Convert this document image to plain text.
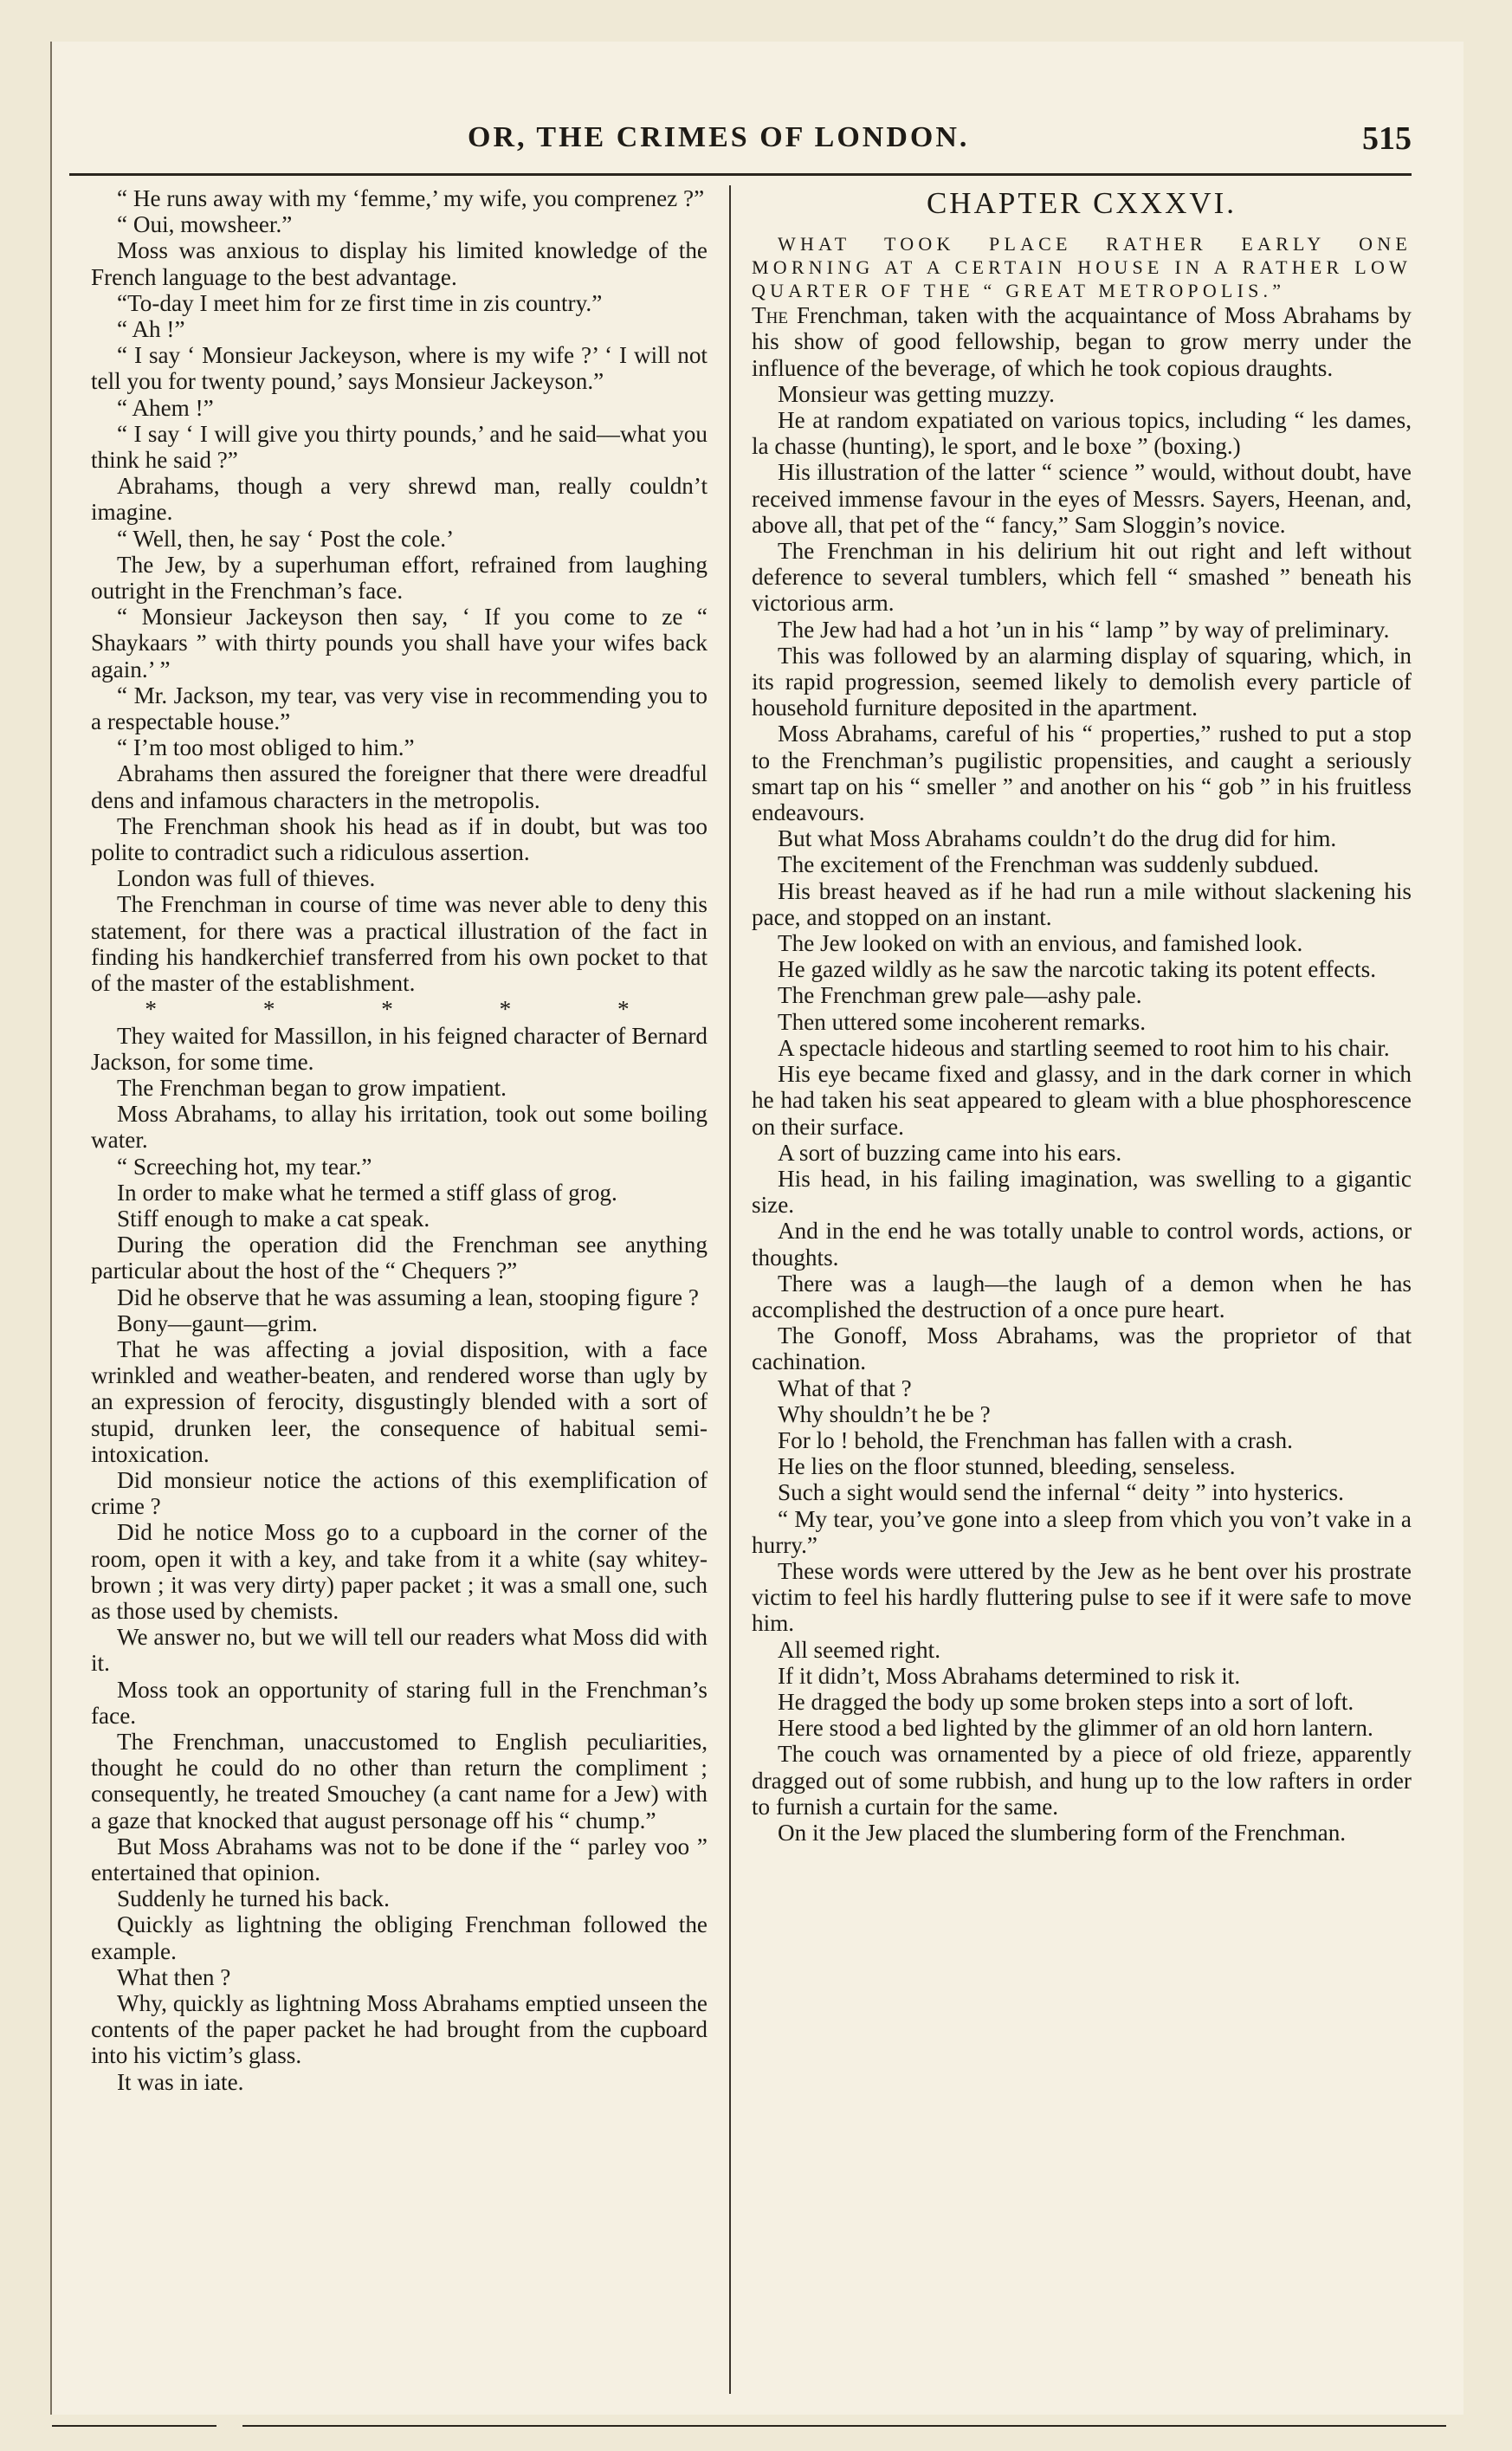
OR, THE CRIMES OF LONDON.	515

“ He runs away with my ‘femme,’ my wife, you comprenez ?”

“ Oui, mowsheer.”

Moss was anxious to display his limited knowledge of the French language to the best advantage.

“To-day I meet him for ze first time in zis country.”

“ Ah !”

“ I say ‘ Monsieur Jackeyson, where is my wife ?’ ‘ I will not tell you for twenty pound,’ says Monsieur Jackeyson.”

“ Ahem !”

“ I say ‘ I will give you thirty pounds,’ and he said—what you think he said ?”

Abrahams, though a very shrewd man, really couldn’t imagine.

“ Well, then, he say ‘ Post the cole.’

The Jew, by a superhuman effort, refrained from laughing outright in the Frenchman’s face.

“ Monsieur Jackeyson then say, ‘ If you come to ze “ Shaykaars ” with thirty pounds you shall have your wifes back again.’ ”

“ Mr. Jackson, my tear, vas very vise in recommending you to a respectable house.”

“ I’m too most obliged to him.”

Abrahams then assured the foreigner that there were dreadful dens and infamous characters in the metropolis.

The Frenchman shook his head as if in doubt, but was too polite to contradict such a ridiculous assertion.

London was full of thieves.

The Frenchman in course of time was never able to deny this statement, for there was a practical illustration of the fact in finding his handkerchief transferred from his own pocket to that of the master of the establishment.

* * * * *

They waited for Massillon, in his feigned character of Bernard Jackson, for some time.

The Frenchman began to grow impatient.

Moss Abrahams, to allay his irritation, took out some boiling water.

“ Screeching hot, my tear.”

In order to make what he termed a stiff glass of grog.

Stiff enough to make a cat speak.

During the operation did the Frenchman see anything particular about the host of the “ Chequers ?”

Did he observe that he was assuming a lean, stooping figure ?

Bony—gaunt—grim.

That he was affecting a jovial disposition, with a face wrinkled and weather-beaten, and rendered worse than ugly by an expression of ferocity, disgustingly blended with a sort of stupid, drunken leer, the consequence of habitual semi-intoxication.

Did monsieur notice the actions of this exemplification of crime ?

Did he notice Moss go to a cupboard in the corner of the room, open it with a key, and take from it a white (say whitey-brown ; it was very dirty) paper packet ; it was a small one, such as those used by chemists.

We answer no, but we will tell our readers what Moss did with it.

Moss took an opportunity of staring full in the Frenchman’s face.

The Frenchman, unaccustomed to English peculiarities, thought he could do no other than return the compliment ; consequently, he treated Smouchey (a cant name for a Jew) with a gaze that knocked that august personage off his “ chump.”

But Moss Abrahams was not to be done if the “ parley voo ” entertained that opinion.

Suddenly he turned his back.

Quickly as lightning the obliging Frenchman followed the example.

What then ?

Why, quickly as lightning Moss Abrahams emptied unseen the contents of the paper packet he had brought from the cupboard into his victim’s glass.

It was in iate.

CHAPTER CXXXVI.

WHAT TOOK PLACE RATHER EARLY ONE MORNING AT A CERTAIN HOUSE IN A RATHER LOW QUARTER OF THE “ GREAT METROPOLIS.”

The Frenchman, taken with the acquaintance of Moss Abrahams by his show of good fellowship, began to grow merry under the influence of the beverage, of which he took copious draughts.

Monsieur was getting muzzy.

He at random expatiated on various topics, including “ les dames, la chasse (hunting), le sport, and le boxe ” (boxing.)

His illustration of the latter “ science ” would, without doubt, have received immense favour in the eyes of Messrs. Sayers, Heenan, and, above all, that pet of the “ fancy,” Sam Sloggin’s novice.

The Frenchman in his delirium hit out right and left without deference to several tumblers, which fell “ smashed ” beneath his victorious arm.

The Jew had had a hot ’un in his “ lamp ” by way of preliminary.

This was followed by an alarming display of squaring, which, in its rapid progression, seemed likely to demolish every particle of household furniture deposited in the apartment.

Moss Abrahams, careful of his “ properties,” rushed to put a stop to the Frenchman’s pugilistic propensities, and caught a seriously smart tap on his “ smeller ” and another on his “ gob ” in his fruitless endeavours.

But what Moss Abrahams couldn’t do the drug did for him.

The excitement of the Frenchman was suddenly subdued.

His breast heaved as if he had run a mile without slackening his pace, and stopped on an instant.

The Jew looked on with an envious, and famished look.

He gazed wildly as he saw the narcotic taking its potent effects.

The Frenchman grew pale—ashy pale.

Then uttered some incoherent remarks.

A spectacle hideous and startling seemed to root him to his chair.

His eye became fixed and glassy, and in the dark corner in which he had taken his seat appeared to gleam with a blue phosphorescence on their surface.

A sort of buzzing came into his ears.

His head, in his failing imagination, was swelling to a gigantic size.

And in the end he was totally unable to control words, actions, or thoughts.

There was a laugh—the laugh of a demon when he has accomplished the destruction of a once pure heart.

The Gonoff, Moss Abrahams, was the proprietor of that cachination.

What of that ?

Why shouldn’t he be ?

For lo ! behold, the Frenchman has fallen with a crash.

He lies on the floor stunned, bleeding, senseless.

Such a sight would send the infernal “ deity ” into hysterics.

“ My tear, you’ve gone into a sleep from vhich you von’t vake in a hurry.”

These words were uttered by the Jew as he bent over his prostrate victim to feel his hardly fluttering pulse to see if it were safe to move him.

All seemed right.

If it didn’t, Moss Abrahams determined to risk it.

He dragged the body up some broken steps into a sort of loft.

Here stood a bed lighted by the glimmer of an old horn lantern.

The couch was ornamented by a piece of old frieze, apparently dragged out of some rubbish, and hung up to the low rafters in order to furnish a curtain for the same.

On it the Jew placed the slumbering form of the Frenchman.
